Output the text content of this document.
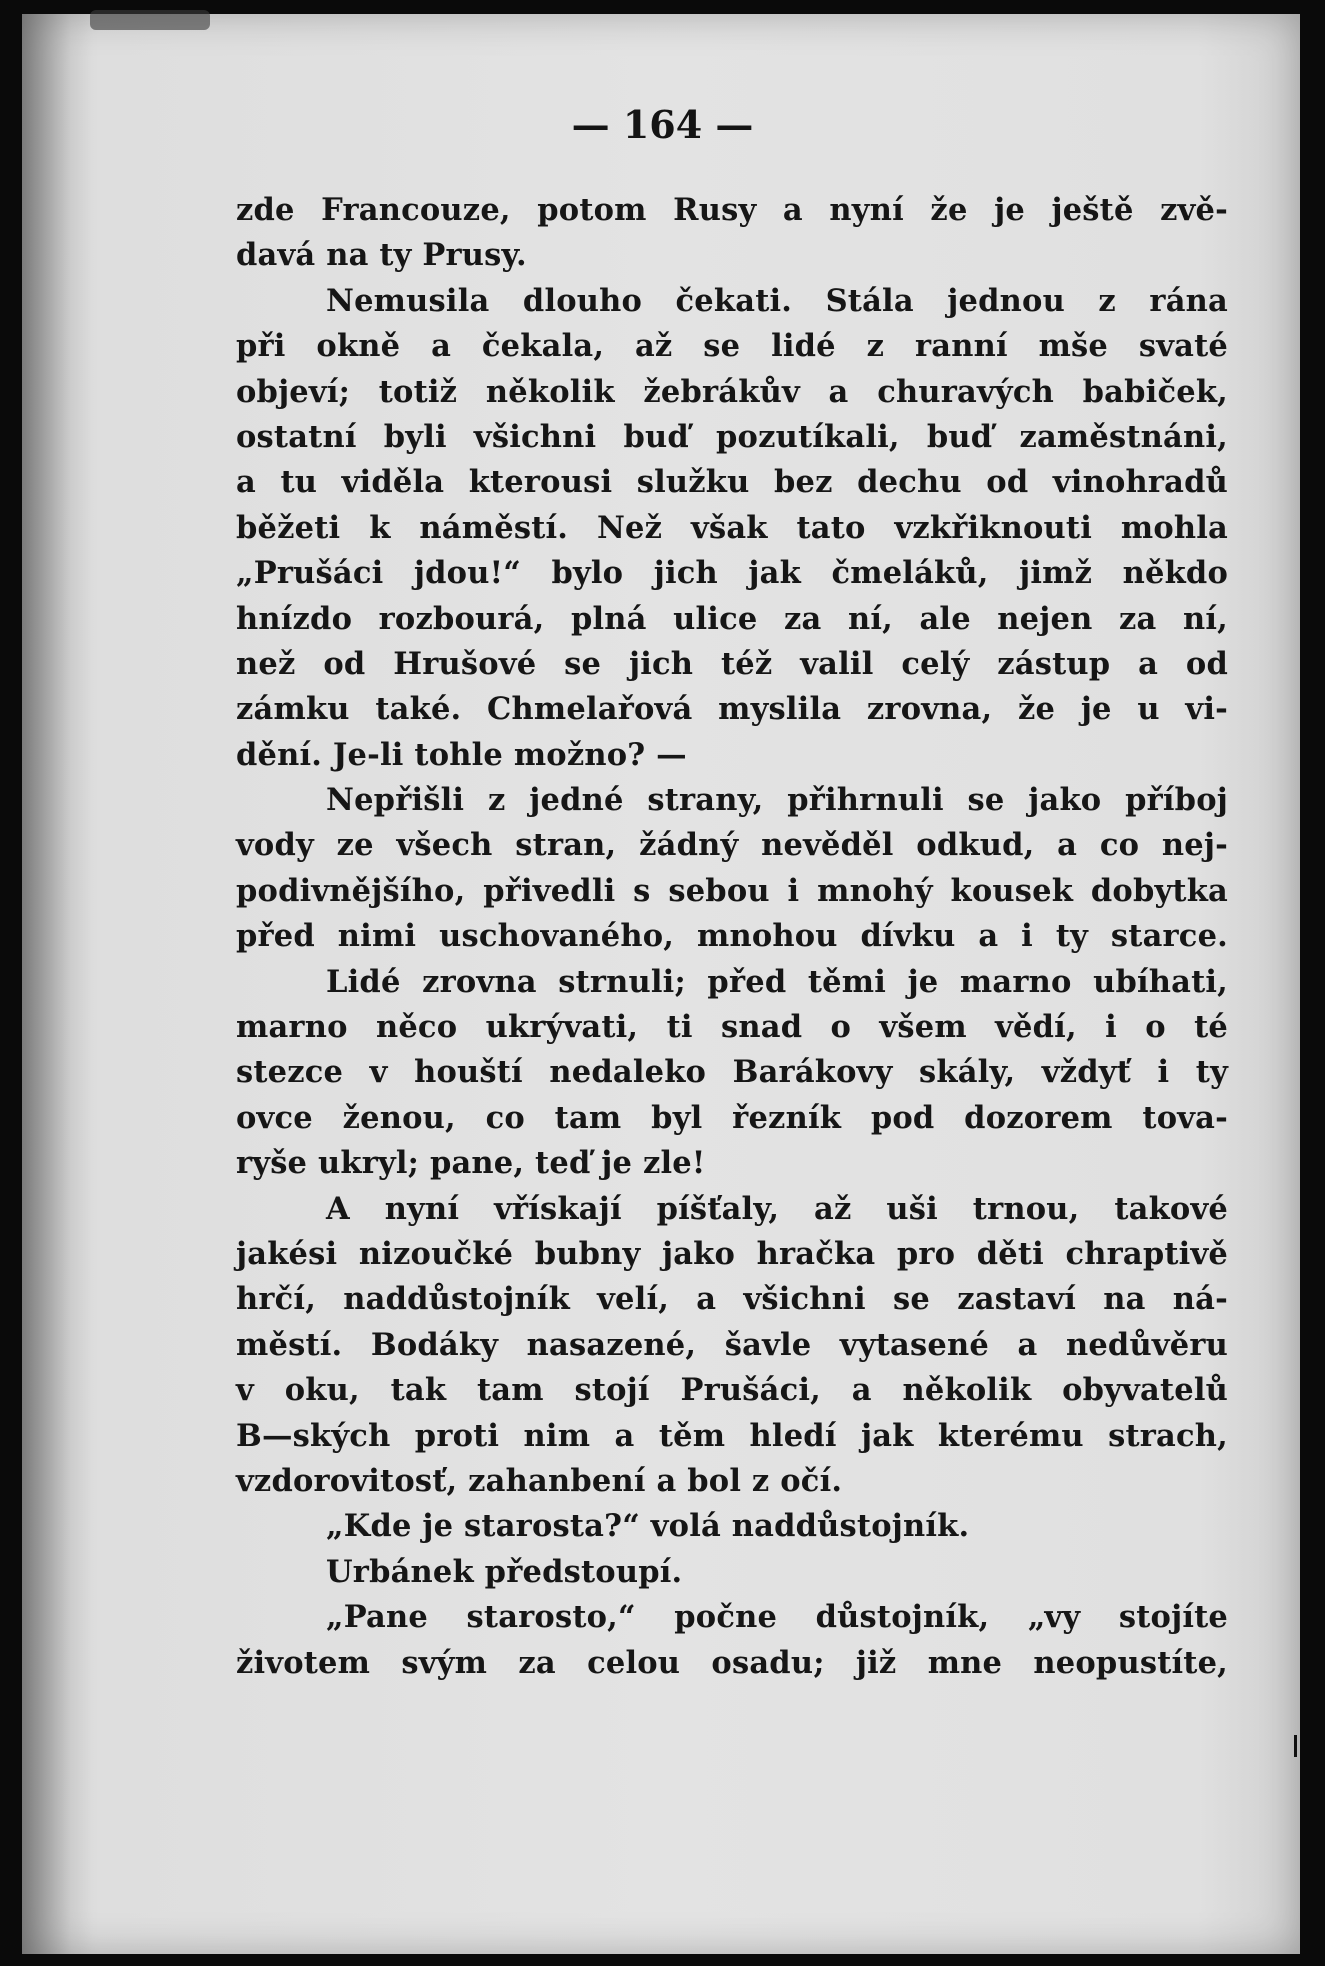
— 164 —
zde Francouze, potom Rusy a nyní že je ještě zvě-
davá na ty Prusy.
Nemusila dlouho čekati. Stála jednou z rána
při okně a čekala, až se lidé z ranní mše svaté
objeví; totiž několik žebrákův a churavých babiček,
ostatní byli všichni buď pozutíkali, buď zaměstnáni,
a tu viděla kterousi služku bez dechu od vinohradů
běžeti k náměstí. Než však tato vzkřiknouti mohla
„Prušáci jdou!“ bylo jich jak čmeláků, jimž někdo
hnízdo rozbourá, plná ulice za ní, ale nejen za ní,
než od Hrušové se jich též valil celý zástup a od
zámku také. Chmelařová myslila zrovna, že je u vi-
dění. Je-li tohle možno? —
Nepřišli z jedné strany, přihrnuli se jako příboj
vody ze všech stran, žádný nevěděl odkud, a co nej-
podivnějšího, přivedli s sebou i mnohý kousek dobytka
před nimi uschovaného, mnohou dívku a i ty starce.
Lidé zrovna strnuli; před těmi je marno ubíhati,
marno něco ukrývati, ti snad o všem vědí, i o té
stezce v houští nedaleko Barákovy skály, vždyť i ty
ovce ženou, co tam byl řezník pod dozorem tova-
ryše ukryl; pane, teď je zle!
A nyní vřískají píšťaly, až uši trnou, takové
jakési nizoučké bubny jako hračka pro děti chraptivě
hrčí, naddůstojník velí, a všichni se zastaví na ná-
městí. Bodáky nasazené, šavle vytasené a nedůvěru
v oku, tak tam stojí Prušáci, a několik obyvatelů
B—ských proti nim a těm hledí jak kterému strach,
vzdorovitosť, zahanbení a bol z očí.
„Kde je starosta?“ volá naddůstojník.
Urbánek předstoupí.
„Pane starosto,“ počne důstojník, „vy stojíte
životem svým za celou osadu; již mne neopustíte,
